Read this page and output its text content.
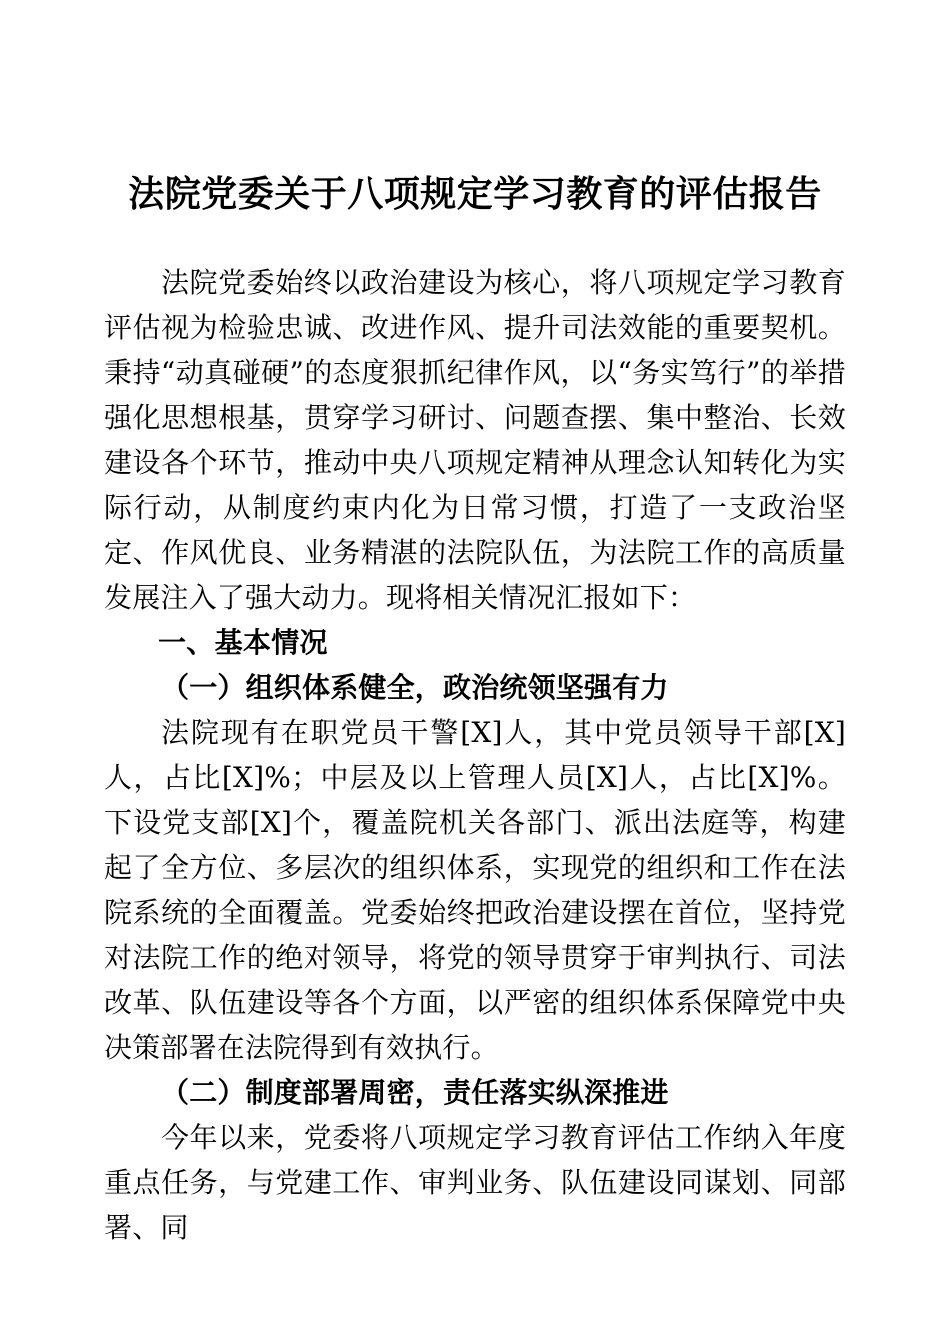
法院党委关于八项规定学习教育的评估报告

法院党委始终以政治建设为核心，将八项规定学习教育评估视为检验忠诚、改进作风、提升司法效能的重要契机。秉持“动真碰硬”的态度狠抓纪律作风，以“务实笃行”的举措强化思想根基，贯穿学习研讨、问题查摆、集中整治、长效建设各个环节，推动中央八项规定精神从理念认知转化为实际行动，从制度约束内化为日常习惯，打造了一支政治坚定、作风优良、业务精湛的法院队伍，为法院工作的高质量发展注入了强大动力。现将相关情况汇报如下：

一、基本情况

（一）组织体系健全，政治统领坚强有力

法院现有在职党员干警[X]人，其中党员领导干部[X]人，占比[X]%；中层及以上管理人员[X]人，占比[X]%。下设党支部[X]个，覆盖院机关各部门、派出法庭等，构建起了全方位、多层次的组织体系，实现党的组织和工作在法院系统的全面覆盖。党委始终把政治建设摆在首位，坚持党对法院工作的绝对领导，将党的领导贯穿于审判执行、司法改革、队伍建设等各个方面，以严密的组织体系保障党中央决策部署在法院得到有效执行。

（二）制度部署周密，责任落实纵深推进

今年以来，党委将八项规定学习教育评估工作纳入年度重点任务，与党建工作、审判业务、队伍建设同谋划、同部署、同
